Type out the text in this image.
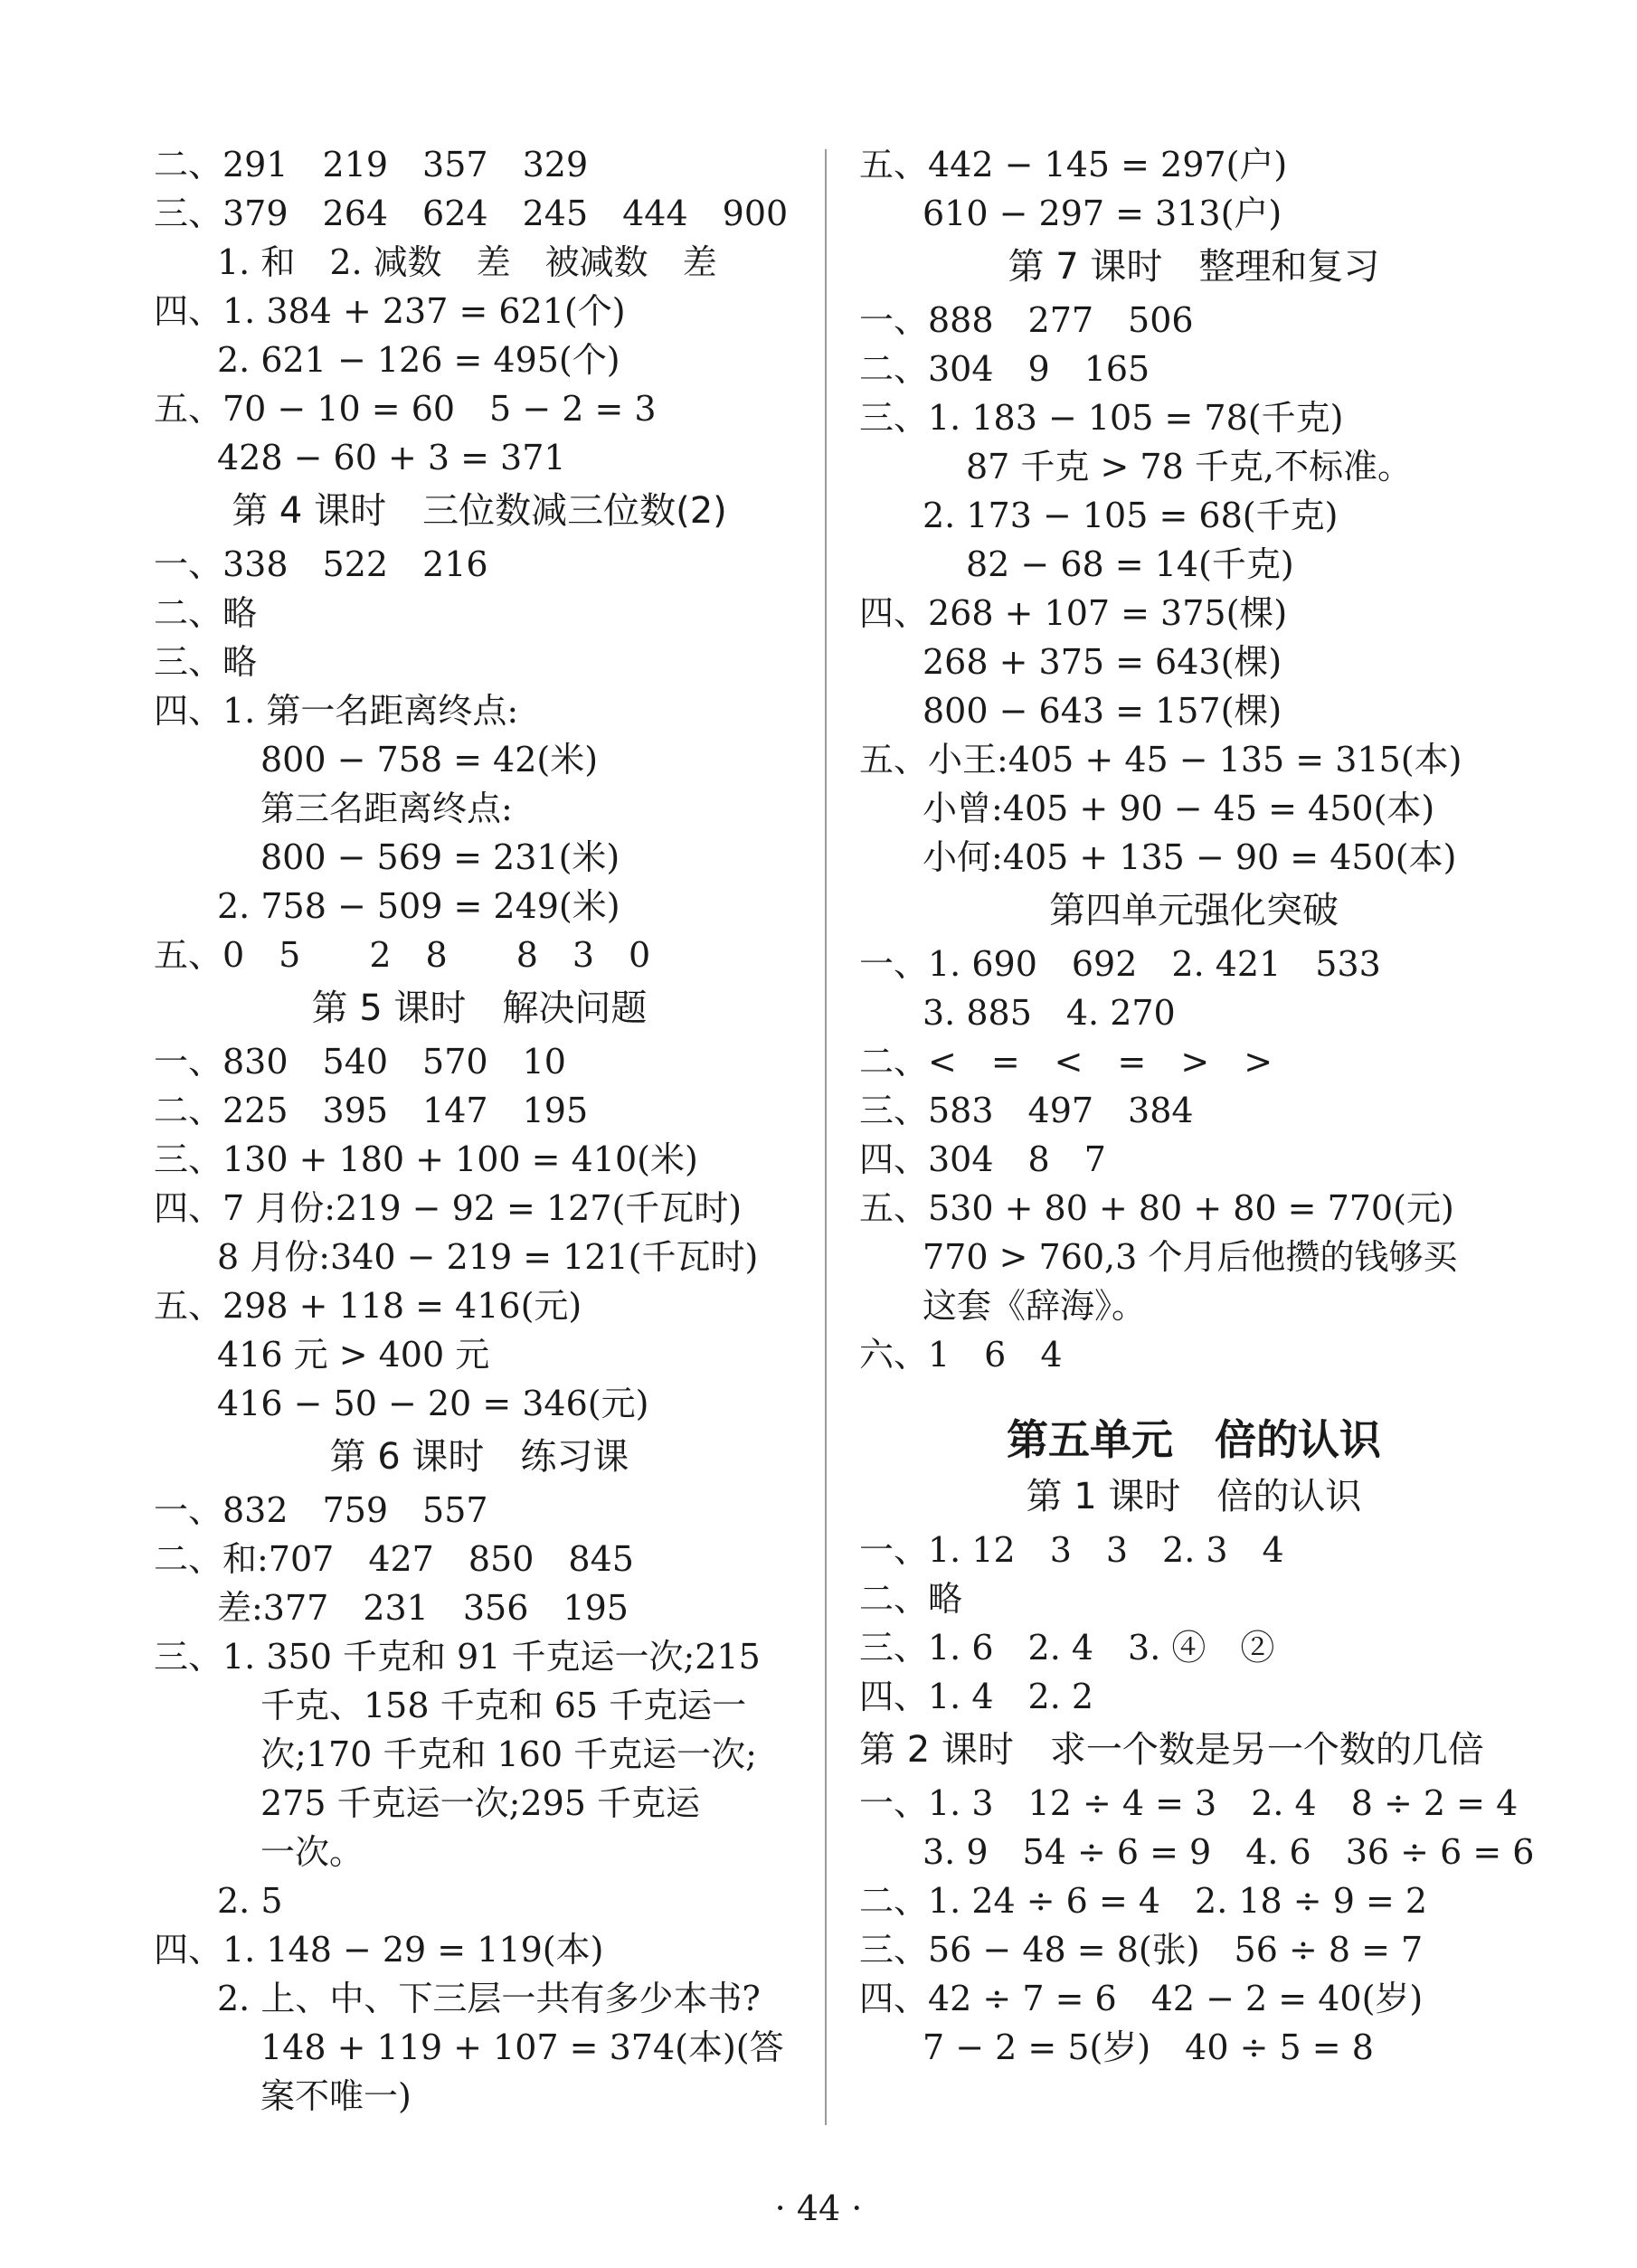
二、291　219　357　329
三、379　264　624　245　444　900
1. 和　2. 减数　差　被减数　差
四、1. 384 + 237 = 621(个)
2. 621 − 126 = 495(个)
五、70 − 10 = 60　5 − 2 = 3
428 − 60 + 3 = 371
第 4 课时　三位数减三位数(2)
一、338　522　216
二、略
三、略
四、1. 第一名距离终点:
800 − 758 = 42(米)
第三名距离终点:
800 − 569 = 231(米)
2. 758 − 509 = 249(米)
五、0　5　　2　8　　8　3　0
第 5 课时　解决问题
一、830　540　570　10
二、225　395　147　195
三、130 + 180 + 100 = 410(米)
四、7 月份:219 − 92 = 127(千瓦时)
8 月份:340 − 219 = 121(千瓦时)
五、298 + 118 = 416(元)
416 元 > 400 元
416 − 50 − 20 = 346(元)
第 6 课时　练习课
一、832　759　557
二、和:707　427　850　845
差:377　231　356　195
三、1. 350 千克和 91 千克运一次;215
千克、158 千克和 65 千克运一
次;170 千克和 160 千克运一次;
275 千克运一次;295 千克运
一次。
2. 5
四、1. 148 − 29 = 119(本)
2. 上、中、下三层一共有多少本书?
148 + 119 + 107 = 374(本)(答
案不唯一)
五、442 − 145 = 297(户)
610 − 297 = 313(户)
第 7 课时　整理和复习
一、888　277　506
二、304　9　165
三、1. 183 − 105 = 78(千克)
87 千克 > 78 千克,不标准。
2. 173 − 105 = 68(千克)
82 − 68 = 14(千克)
四、268 + 107 = 375(棵)
268 + 375 = 643(棵)
800 − 643 = 157(棵)
五、小王:405 + 45 − 135 = 315(本)
小曾:405 + 90 − 45 = 450(本)
小何:405 + 135 − 90 = 450(本)
第四单元强化突破
一、1. 690　692　2. 421　533
3. 885　4. 270
二、<　=　<　=　>　>
三、583　497　384
四、304　8　7
五、530 + 80 + 80 + 80 = 770(元)
770 > 760,3 个月后他攒的钱够买
这套《辞海》。
六、1　6　4
第五单元　倍的认识
第 1 课时　倍的认识
一、1. 12　3　3　2. 3　4
二、略
三、1. 6　2. 4　3. ④　②
四、1. 4　2. 2
第 2 课时　求一个数是另一个数的几倍
一、1. 3　12 ÷ 4 = 3　2. 4　8 ÷ 2 = 4
3. 9　54 ÷ 6 = 9　4. 6　36 ÷ 6 = 6
二、1. 24 ÷ 6 = 4　2. 18 ÷ 9 = 2
三、56 − 48 = 8(张)　56 ÷ 8 = 7
四、42 ÷ 7 = 6　42 − 2 = 40(岁)
7 − 2 = 5(岁)　40 ÷ 5 = 8
· 44 ·
